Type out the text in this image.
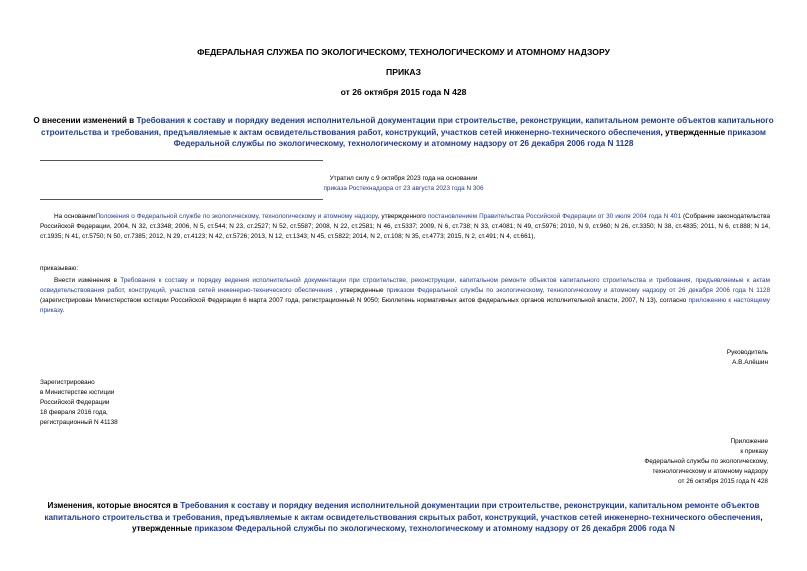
ФЕДЕРАЛЬНАЯ СЛУЖБА ПО ЭКОЛОГИЧЕСКОМУ, ТЕХНОЛОГИЧЕСКОМУ И АТОМНОМУ НАДЗОРУ
ПРИКАЗ
от 26 октября 2015 года N 428
О внесении изменений в Требования к составу и порядку ведения исполнительной документации при строительстве, реконструкции, капитальном ремонте объектов капитального строительства и требования, предъявляемые к актам освидетельствования работ, конструкций, участков сетей инженерно-технического обеспечения, утвержденные приказом Федеральной службы по экологическому, технологическому и атомному надзору от 26 декабря 2006 года N 1128
Утратил силу с 9 октября 2023 года на основании
приказа Ростехнадзора от 23 августа 2023 года N 306
На основанииПоложения о Федеральной службе по экологическому, технологическому и атомному надзору, утвержденного постановлением Правительства Российской Федерации от 30 июля 2004 года N 401 (Собрание законодательства Российской Федерации, 2004, N 32, ст.3348; 2006, N 5, ст.544; N 23, ст.2527; N 52, ст.5587; 2008, N 22, ст.2581; N 46, ст.5337; 2009, N 6, ст.738; N 33, ст.4081; N 49, ст.5976; 2010, N 9, ст.960; N 26, ст.3350; N 38, ст.4835; 2011, N 6, ст.888; N 14, ст.1935; N 41, ст.5750; N 50, ст.7385; 2012, N 29, ст.4123; N 42, ст.5726; 2013, N 12, ст.1343; N 45, ст.5822; 2014, N 2, ст.108; N 35, ст.4773; 2015, N 2, ст.491; N 4, ст.661),
приказываю:
Внести изменения в Требования к составу и порядку ведения исполнительной документации при строительстве, реконструкции, капитальном ремонте объектов капитального строительства и требования, предъявляемые к актам освидетельствования работ, конструкций, участков сетей инженерно-технического обеспечения , утвержденные приказом Федеральной службы по экологическому, технологическому и атомному надзору от 26 декабря 2006 года N 1128 (зарегистрирован Министерством юстиции Российской Федерации 6 марта 2007 года, регистрационный N 9050; Бюллетень нормативных актов федеральных органов исполнительной власти, 2007, N 13), согласно приложению к настоящему приказу.
Руководитель
А.В.Алёшин
Зарегистрировано
в Министерстве юстиции
Российской Федерации
18 февраля 2016 года,
регистрационный N 41138
Приложение
к приказу
Федеральной службы по экологическому,
технологическому и атомному надзору
от 26 октября 2015 года N 428
Изменения, которые вносятся в Требования к составу и порядку ведения исполнительной документации при строительстве, реконструкции, капитальном ремонте объектов капитального строительства и требования, предъявляемые к актам освидетельствования скрытых работ, конструкций, участков сетей инженерно-технического обеспечения, утвержденные приказом Федеральной службы по экологическому, технологическому и атомному надзору от 26 декабря 2006 года N
